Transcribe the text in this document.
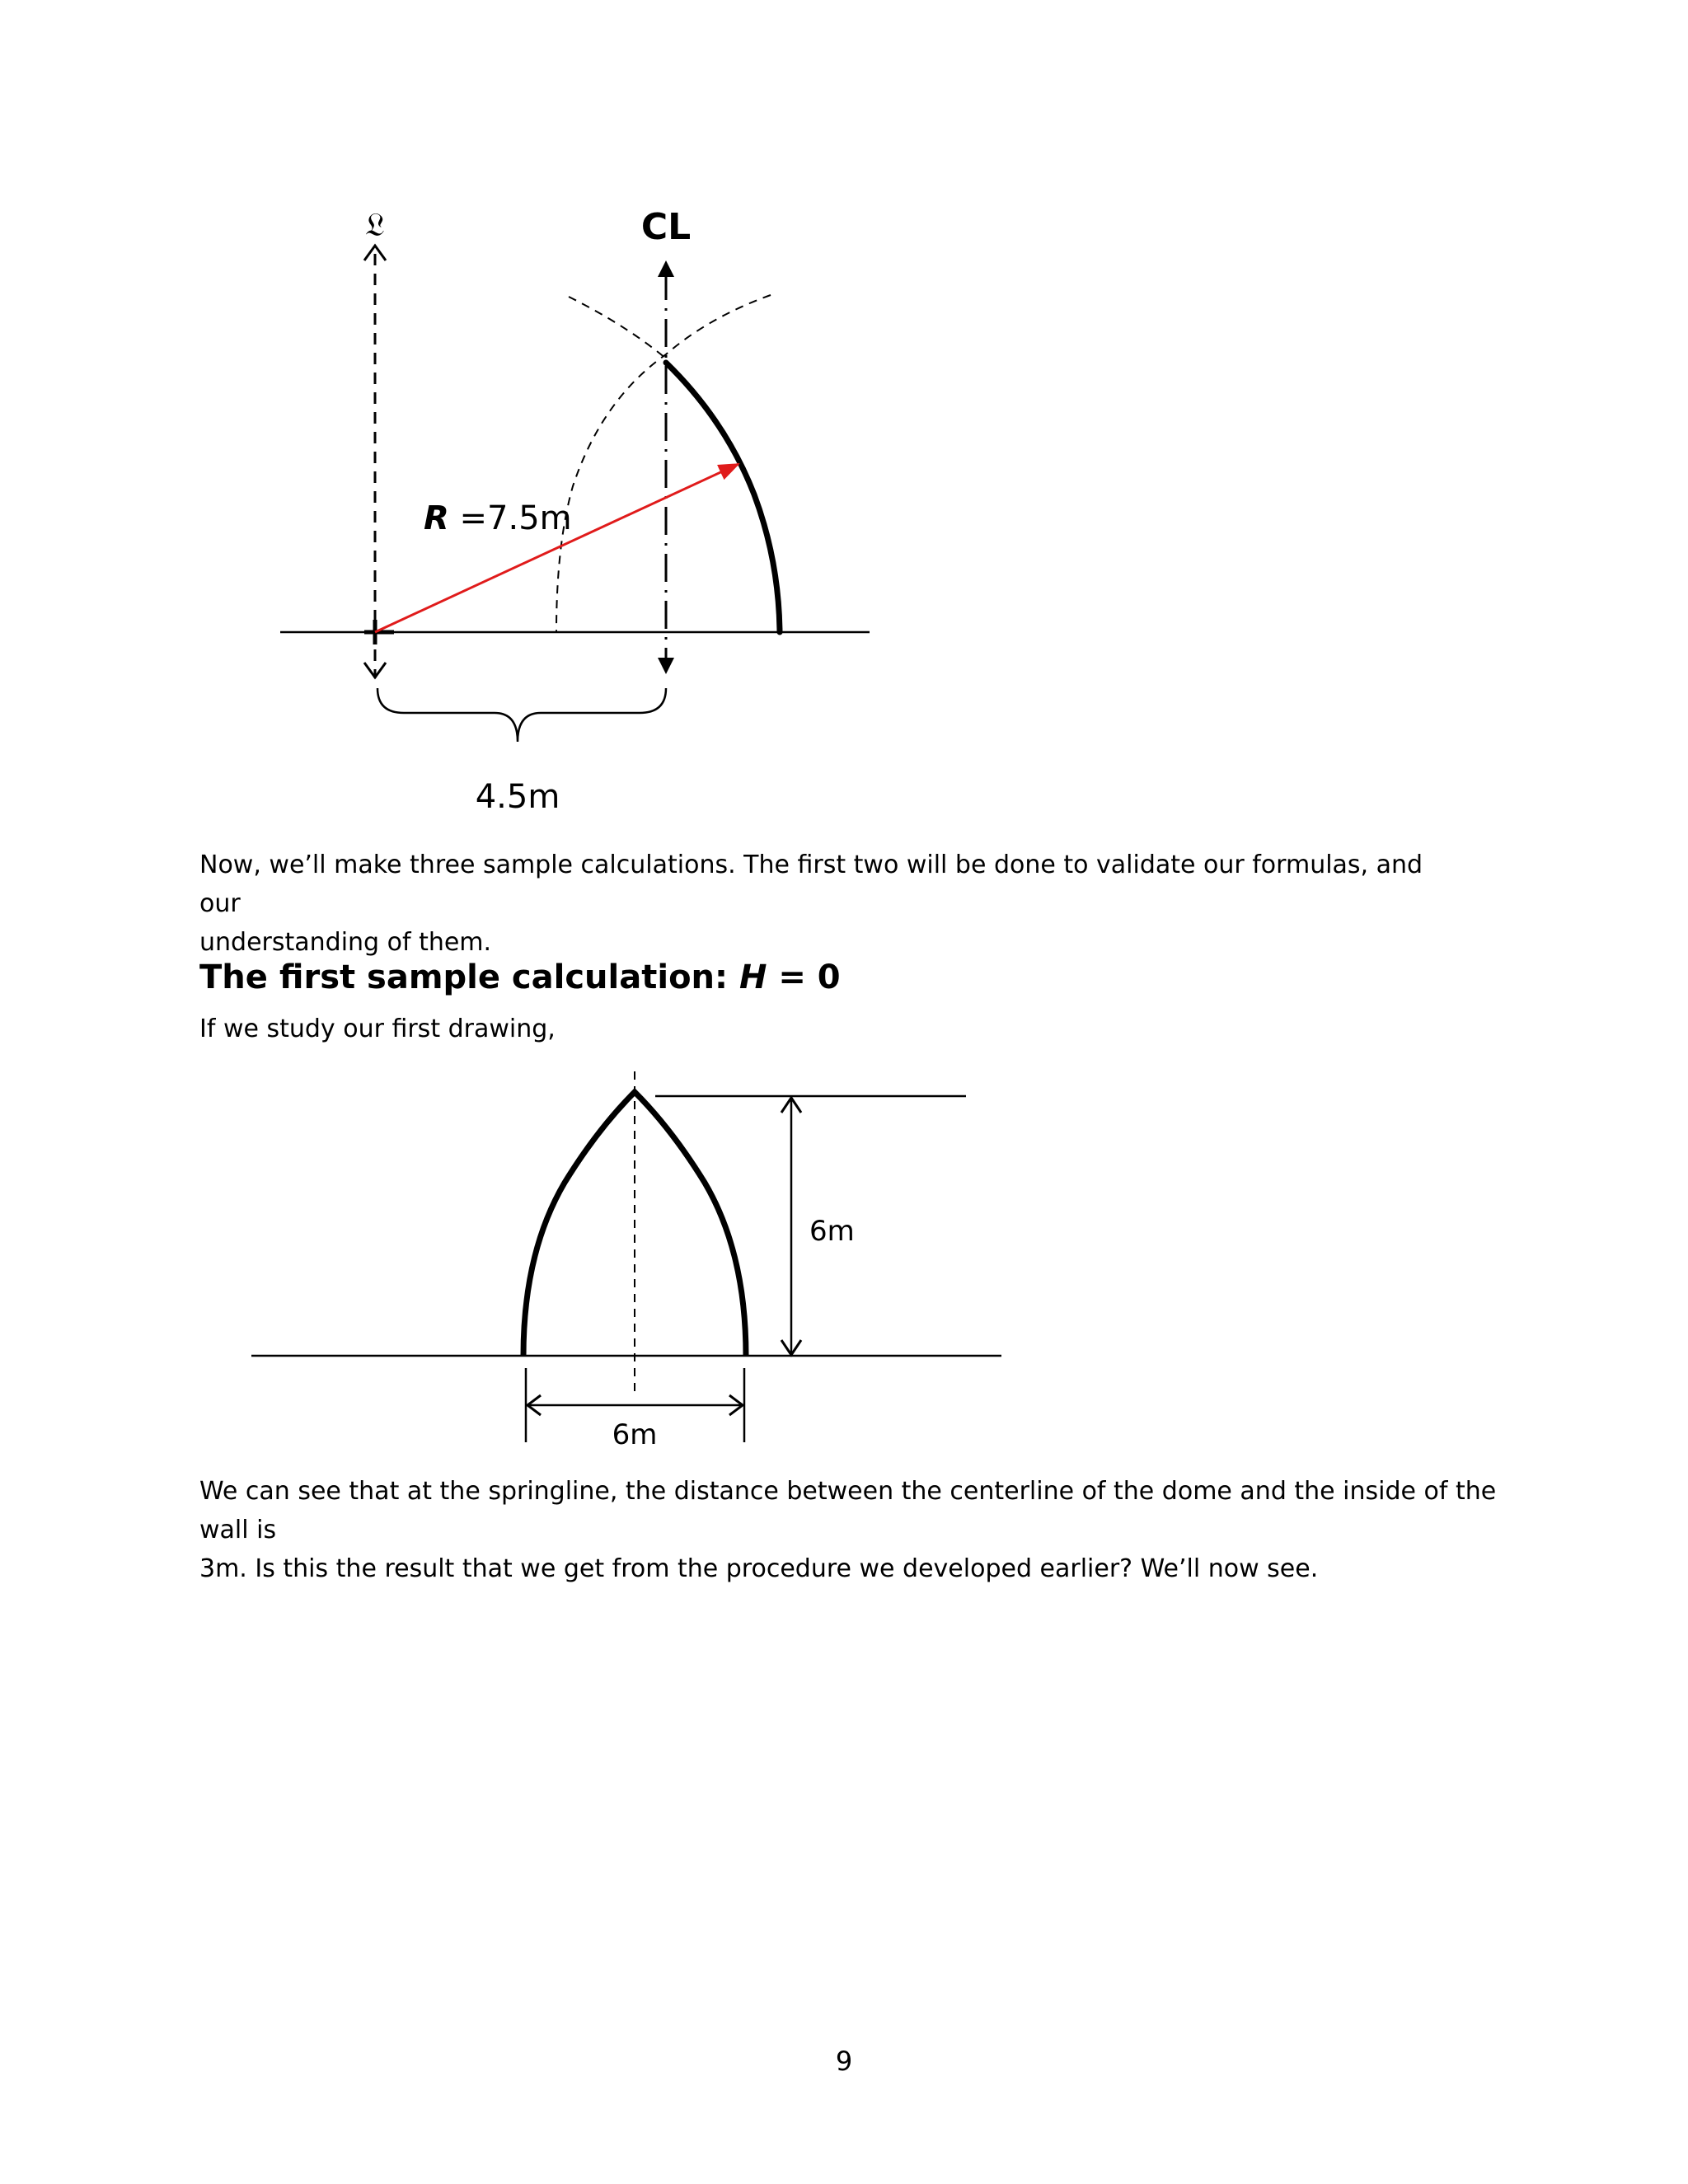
𝔏	CL
R =7.5m
4.5m

Now, we’ll make three sample calculations. The first two will be done to validate our formulas, and our
understanding of them.

The first sample calculation: H = 0

If we study our first drawing,

6m
6m

We can see that at the springline, the distance between the centerline of the dome and the inside of the wall is
3m. Is this the result that we get from the procedure we developed earlier? We’ll now see.

9
